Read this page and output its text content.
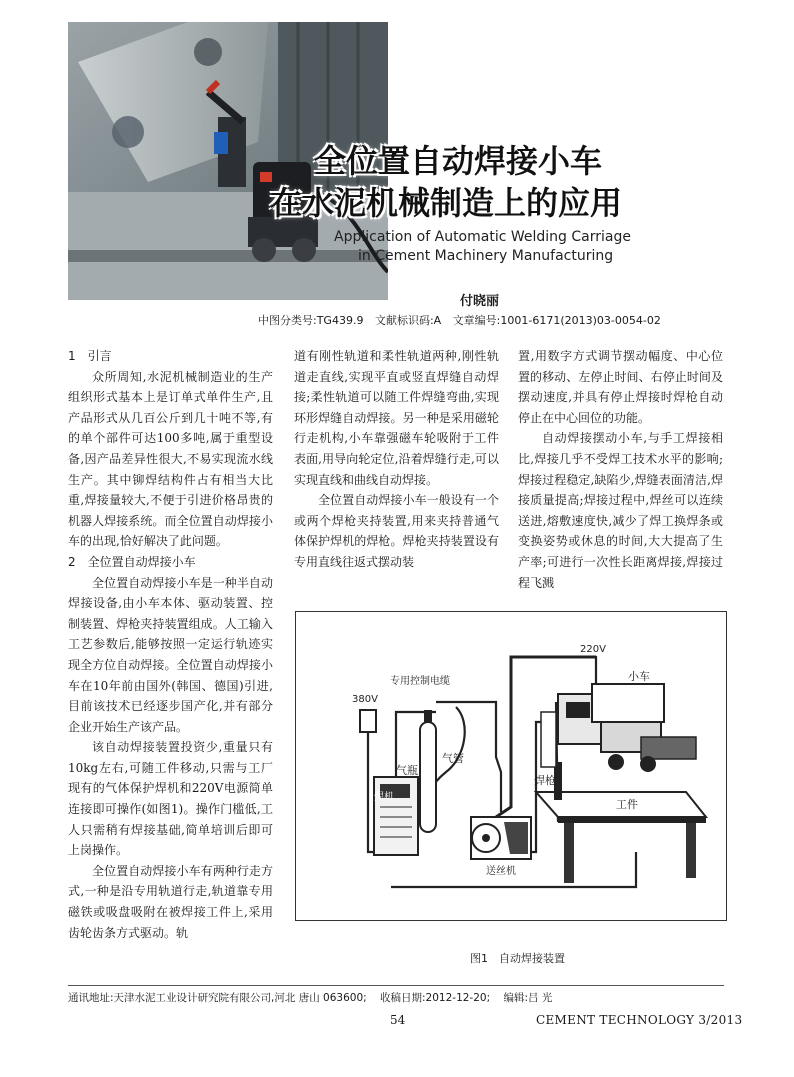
全位置自动焊接小车
在水泥机械制造上的应用

Application of Automatic Welding Carriage

in Cement Machinery Manufacturing

付晓丽
中图分类号:TG439.9 文献标识码:A 文章编号:1001-6171(2013)03-0054-02
1　引言

众所周知,水泥机械制造业的生产组织形式基本上是订单式单件生产,且产品形式从几百公斤到几十吨不等,有的单个部件可达100多吨,属于重型设备,因产品差异性很大,不易实现流水线生产。其中铆焊结构件占有相当大比重,焊接量较大,不便于引进价格昂贵的机器人焊接系统。而全位置自动焊接小车的出现,恰好解决了此问题。

2　全位置自动焊接小车

全位置自动焊接小车是一种半自动焊接设备,由小车本体、驱动装置、控制装置、焊枪夹持装置组成。人工输入工艺参数后,能够按照一定运行轨迹实现全方位自动焊接。全位置自动焊接小车在10年前由国外(韩国、德国)引进,目前该技术已经逐步国产化,并有部分企业开始生产该产品。

该自动焊接装置投资少,重量只有10kg左右,可随工件移动,只需与工厂现有的气体保护焊机和220V电源简单连接即可操作(如图1)。操作门槛低,工人只需稍有焊接基础,简单培训后即可上岗操作。

全位置自动焊接小车有两种行走方式,一种是沿专用轨道行走,轨道靠专用磁铁或吸盘吸附在被焊接工件上,采用齿轮齿条方式驱动。轨

道有刚性轨道和柔性轨道两种,刚性轨道走直线,实现平直或竖直焊缝自动焊接;柔性轨道可以随工件焊缝弯曲,实现环形焊缝自动焊接。另一种是采用磁轮行走机构,小车靠强磁车轮吸附于工件表面,用导向轮定位,沿着焊缝行走,可以实现直线和曲线自动焊接。

全位置自动焊接小车一般设有一个或两个焊枪夹持装置,用来夹持普通气体保护焊机的焊枪。焊枪夹持装置设有专用直线往返式摆动装

置,用数字方式调节摆动幅度、中心位置的移动、左停止时间、右停止时间及摆动速度,并具有停止焊接时焊枪自动停止在中心回位的功能。

自动焊接摆动小车,与手工焊接相比,焊接几乎不受焊工技术水平的影响;焊接过程稳定,缺陷少,焊缝表面清洁,焊接质量提高;焊接过程中,焊丝可以连续送进,熔敷速度快,减少了焊工换焊条或变换姿势或休息的时间,大大提高了生产率;可进行一次性长距离焊接,焊接过程飞溅

专用控制电缆
220V
380V
小车
气瓶
气管
焊机
焊枪
工件
送丝机
图1　自动焊接装置
通讯地址:天津水泥工业设计研究院有限公司,河北 唐山 063600; 收稿日期:2012-12-20; 编辑:吕 光
54	CEMENT TECHNOLOGY 3/2013
